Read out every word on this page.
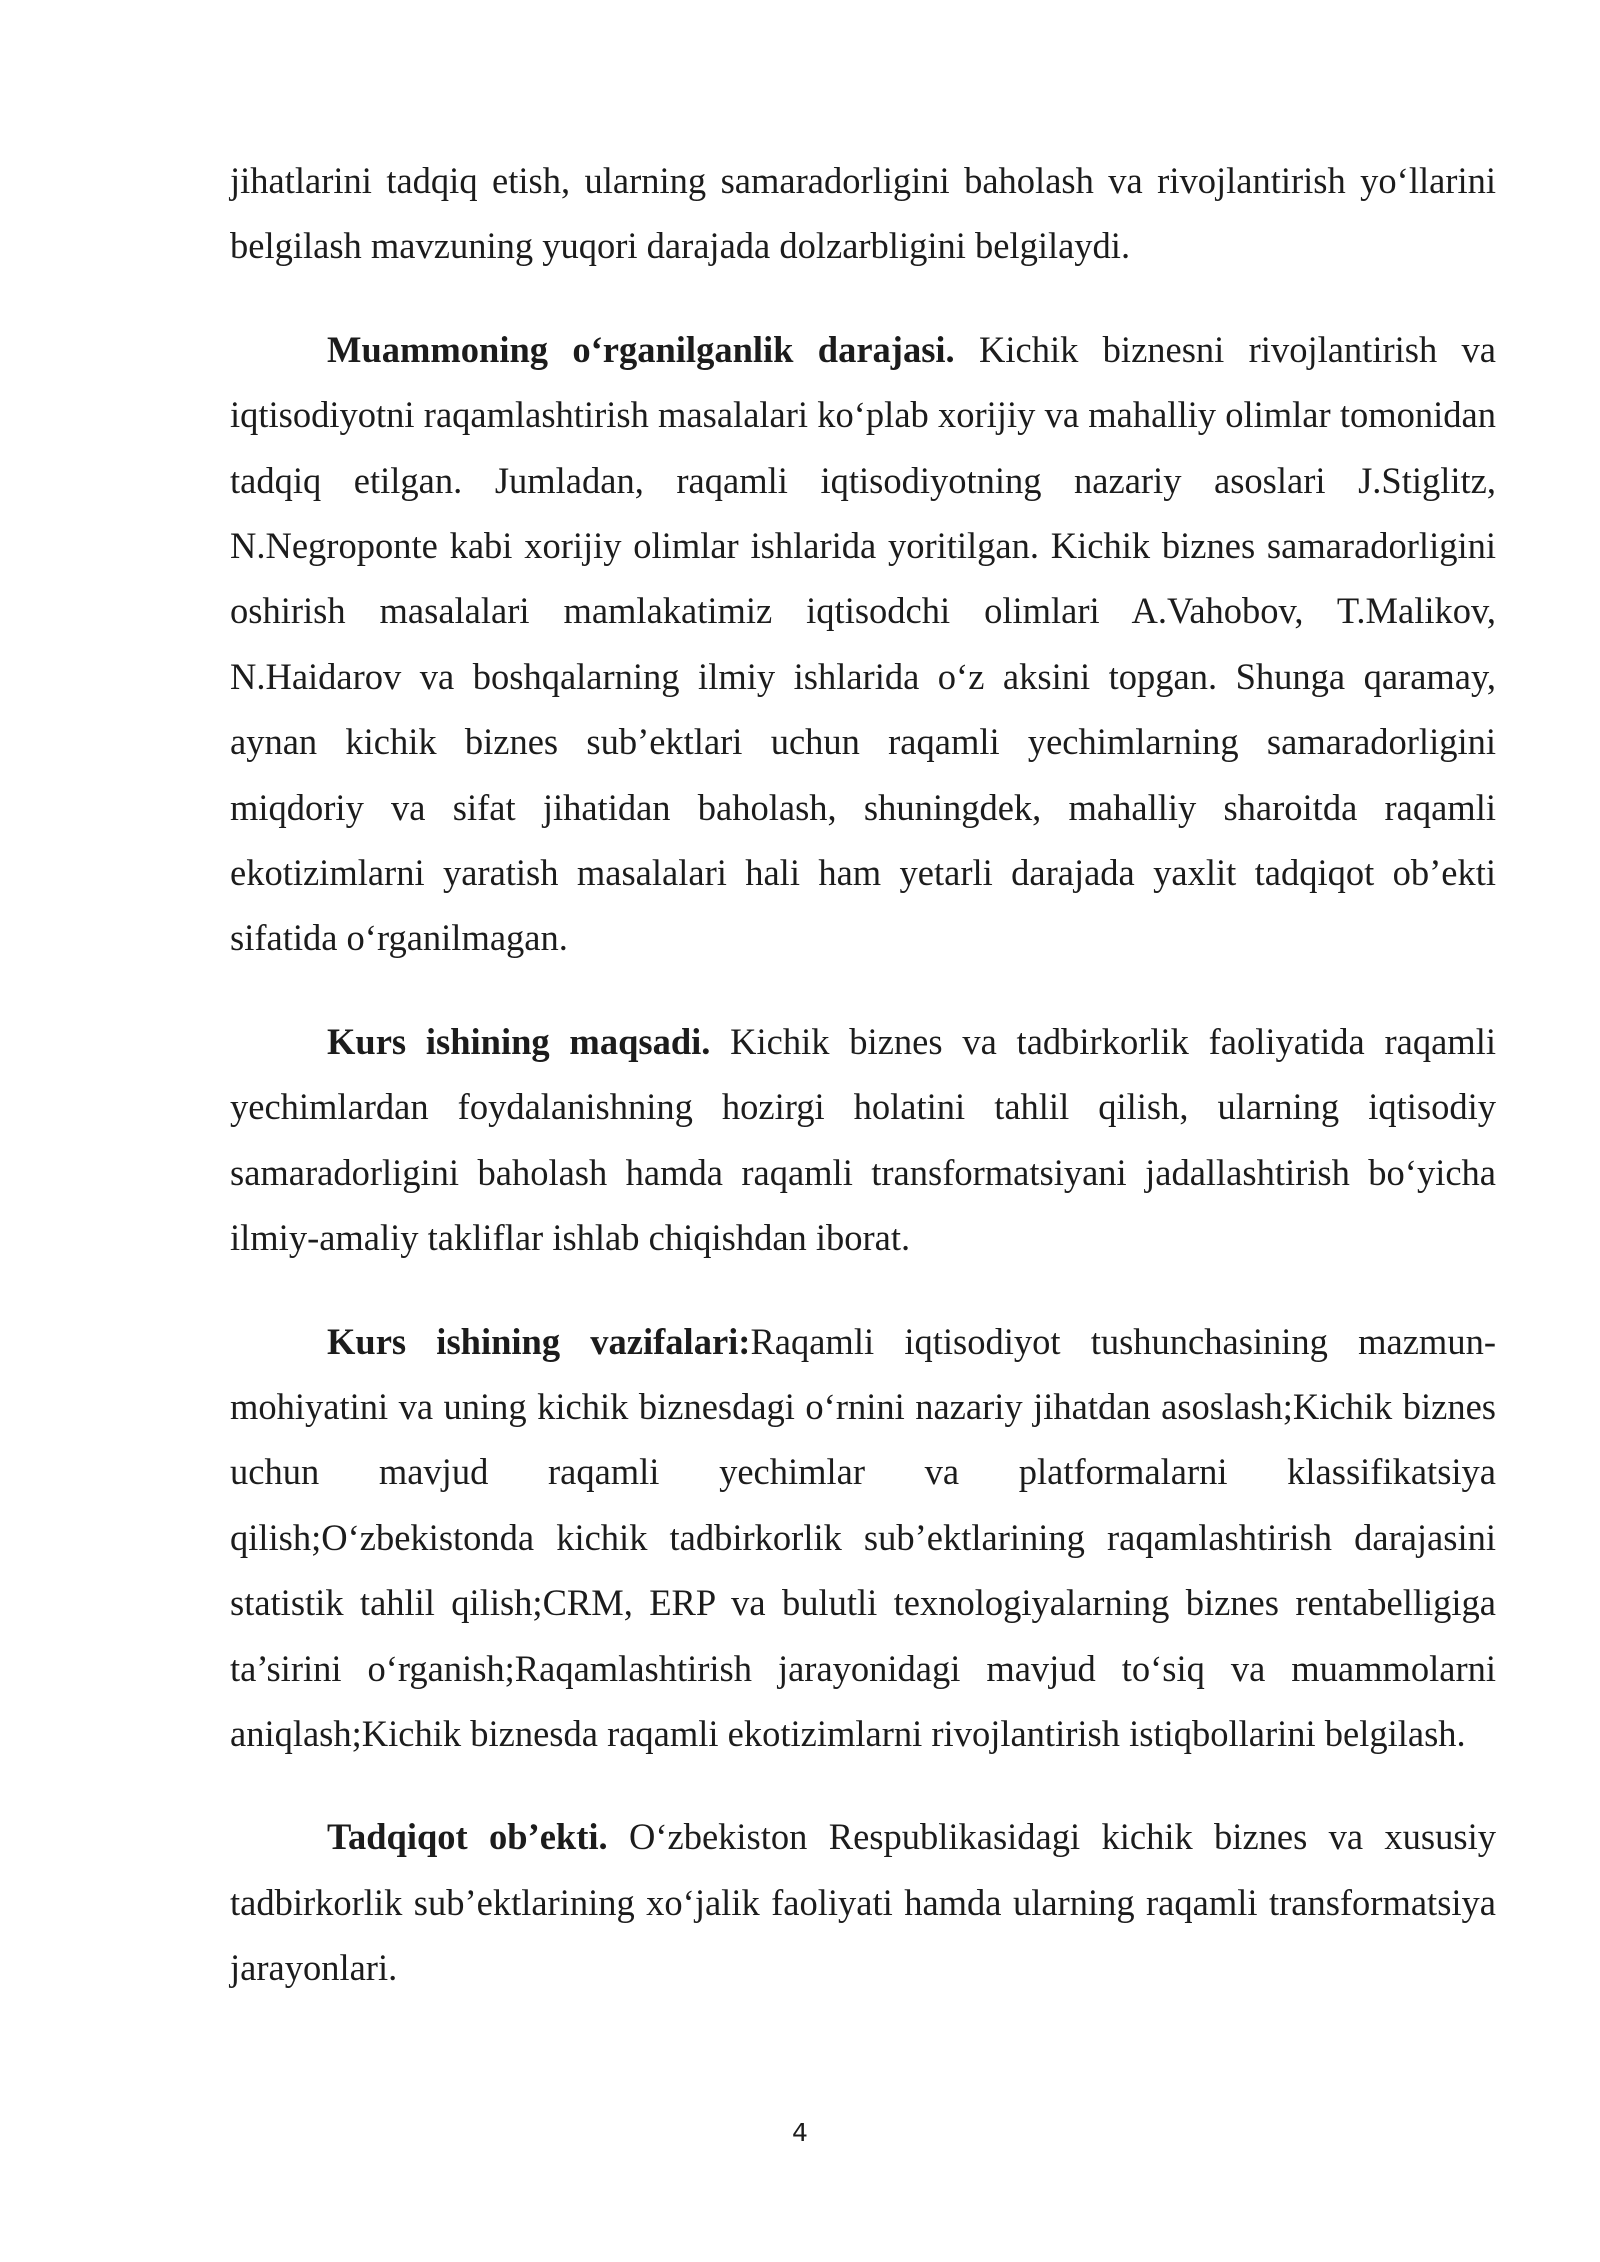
jihatlarini tadqiq etish, ularning samaradorligini baholash va rivojlantirish yo‘llarini belgilash mavzuning yuqori darajada dolzarbligini belgilaydi.

Muammoning o‘rganilganlik darajasi. Kichik biznesni rivojlantirish va iqtisodiyotni raqamlashtirish masalalari ko‘plab xorijiy va mahalliy olimlar tomonidan tadqiq etilgan. Jumladan, raqamli iqtisodiyotning nazariy asoslari J.Stiglitz, N.Negroponte kabi xorijiy olimlar ishlarida yoritilgan. Kichik biznes samaradorligini oshirish masalalari mamlakatimiz iqtisodchi olimlari A.Vahobov, T.Malikov, N.Haidarov va boshqalarning ilmiy ishlarida o‘z aksini topgan. Shunga qaramay, aynan kichik biznes sub’ektlari uchun raqamli yechimlarning samaradorligini miqdoriy va sifat jihatidan baholash, shuningdek, mahalliy sharoitda raqamli ekotizimlarni yaratish masalalari hali ham yetarli darajada yaxlit tadqiqot ob’ekti sifatida o‘rganilmagan.

Kurs ishining maqsadi. Kichik biznes va tadbirkorlik faoliyatida raqamli yechimlardan foydalanishning hozirgi holatini tahlil qilish, ularning iqtisodiy samaradorligini baholash hamda raqamli transformatsiyani jadallashtirish bo‘yicha ilmiy-amaliy takliflar ishlab chiqishdan iborat.

Kurs ishining vazifalari:Raqamli iqtisodiyot tushunchasining mazmun-mohiyatini va uning kichik biznesdagi o‘rnini nazariy jihatdan asoslash;Kichik biznes uchun mavjud raqamli yechimlar va platformalarni klassifikatsiya qilish;O‘zbekistonda kichik tadbirkorlik sub’ektlarining raqamlashtirish darajasini statistik tahlil qilish;CRM, ERP va bulutli texnologiyalarning biznes rentabelligiga ta’sirini o‘rganish;Raqamlashtirish jarayonidagi mavjud to‘siq va muammolarni aniqlash;Kichik biznesda raqamli ekotizimlarni rivojlantirish istiqbollarini belgilash.

Tadqiqot ob’ekti. O‘zbekiston Respublikasidagi kichik biznes va xususiy tadbirkorlik sub’ektlarining xo‘jalik faoliyati hamda ularning raqamli transformatsiya jarayonlari.

4
